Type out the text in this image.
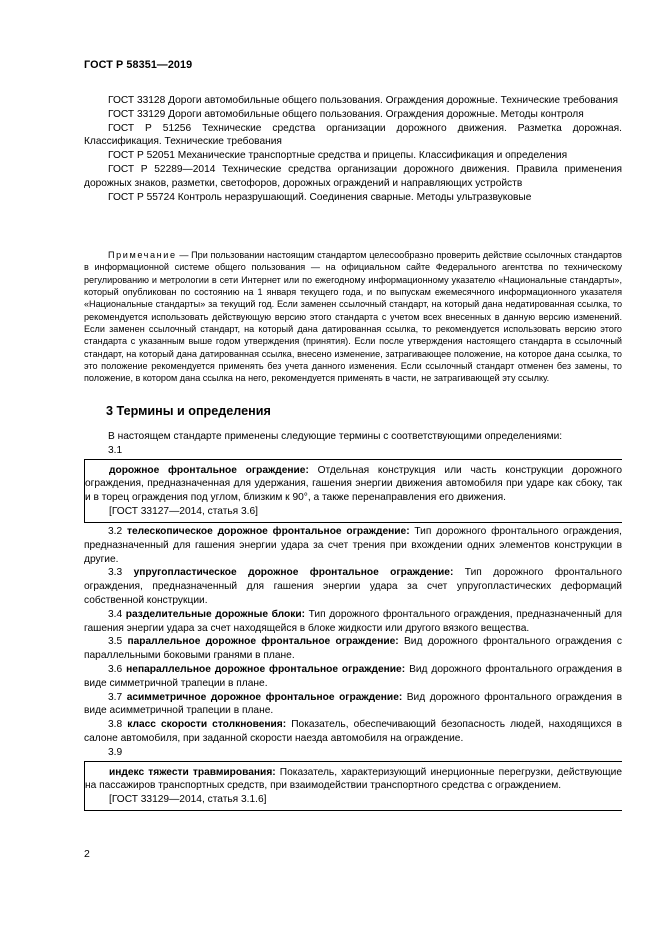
ГОСТ Р 58351—2019

ГОСТ 33128 Дороги автомобильные общего пользования. Ограждения дорожные. Технические требования

ГОСТ 33129 Дороги автомобильные общего пользования. Ограждения дорожные. Методы контроля

ГОСТ Р 51256 Технические средства организации дорожного движения. Разметка дорожная. Классификация. Технические требования

ГОСТ Р 52051 Механические транспортные средства и прицепы. Классификация и определения

ГОСТ Р 52289—2014 Технические средства организации дорожного движения. Правила применения дорожных знаков, разметки, светофоров, дорожных ограждений и направляющих устройств

ГОСТ Р 55724 Контроль неразрушающий. Соединения сварные. Методы ультразвуковые

Примечание — При пользовании настоящим стандартом целесообразно проверить действие ссылочных стандартов в информационной системе общего пользования — на официальном сайте Федерального агентства по техническому регулированию и метрологии в сети Интернет или по ежегодному информационному указателю «Национальные стандарты», который опубликован по состоянию на 1 января текущего года, и по выпускам ежемесячного информационного указателя «Национальные стандарты» за текущий год. Если заменен ссылочный стандарт, на который дана недатированная ссылка, то рекомендуется использовать действующую версию этого стандарта с учетом всех внесенных в данную версию изменений. Если заменен ссылочный стандарт, на который дана датированная ссылка, то рекомендуется использовать версию этого стандарта с указанным выше годом утверждения (принятия). Если после утверждения настоящего стандарта в ссылочный стандарт, на который дана датированная ссылка, внесено изменение, затрагивающее положение, на которое дана ссылка, то это положение рекомендуется применять без учета данного изменения. Если ссылочный стандарт отменен без замены, то положение, в котором дана ссылка на него, рекомендуется применять в части, не затрагивающей эту ссылку.

3 Термины и определения

В настоящем стандарте применены следующие термины с соответствующими определениями:

3.1

дорожное фронтальное ограждение: Отдельная конструкция или часть конструкции дорожного ограждения, предназначенная для удержания, гашения энергии движения автомобиля при ударе как сбоку, так и в торец ограждения под углом, близким к 90°, а также перенаправления его движения.

[ГОСТ 33127—2014, статья 3.6]

3.2 телескопическое дорожное фронтальное ограждение: Тип дорожного фронтального ограждения, предназначенный для гашения энергии удара за счет трения при вхождении одних элементов конструкции в другие.

3.3 упругопластическое дорожное фронтальное ограждение: Тип дорожного фронтального ограждения, предназначенный для гашения энергии удара за счет упругопластических деформаций собственной конструкции.

3.4 разделительные дорожные блоки: Тип дорожного фронтального ограждения, предназначенный для гашения энергии удара за счет находящейся в блоке жидкости или другого вязкого вещества.

3.5 параллельное дорожное фронтальное ограждение: Вид дорожного фронтального ограждения с параллельными боковыми гранями в плане.

3.6 непараллельное дорожное фронтальное ограждение: Вид дорожного фронтального ограждения в виде симметричной трапеции в плане.

3.7 асимметричное дорожное фронтальное ограждение: Вид дорожного фронтального ограждения в виде асимметричной трапеции в плане.

3.8 класс скорости столкновения: Показатель, обеспечивающий безопасность людей, находящихся в салоне автомобиля, при заданной скорости наезда автомобиля на ограждение.

3.9

индекс тяжести травмирования: Показатель, характеризующий инерционные перегрузки, действующие на пассажиров транспортных средств, при взаимодействии транспортного средства с ограждением.

[ГОСТ 33129—2014, статья 3.1.6]
2
